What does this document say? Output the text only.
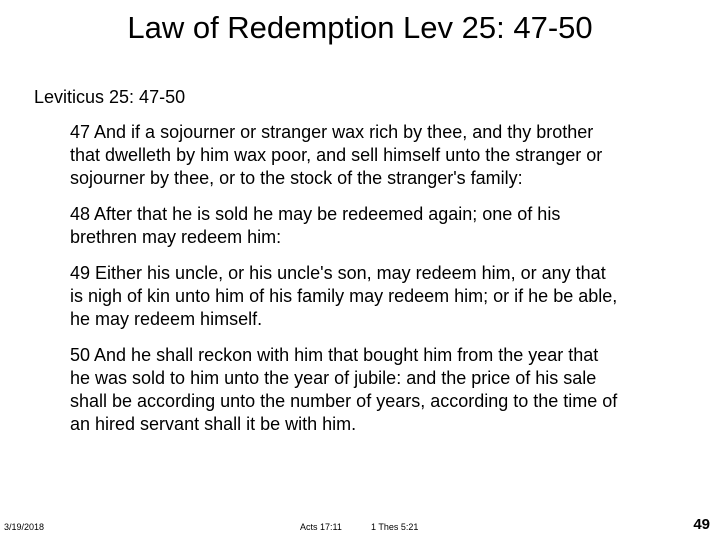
Law of Redemption Lev 25: 47-50
Leviticus 25: 47-50
47 And if a sojourner or stranger wax rich by thee, and thy brother
that dwelleth by him wax poor, and sell himself unto the stranger or
sojourner by thee, or to the stock of the stranger's family:
48 After that he is sold he may be redeemed again; one of his
brethren may redeem him:
49 Either his uncle, or his uncle's son, may redeem him, or any that
is nigh of kin unto him of his family may redeem him; or if he be able,
he may redeem himself.
50 And he shall reckon with him that bought him from the year that
he was sold to him unto the year of jubile: and the price of his sale
shall be according unto the number of years, according to the time of
an hired servant shall it be with him.
3/19/2018	Acts 17:11	1 Thes 5:21	49
